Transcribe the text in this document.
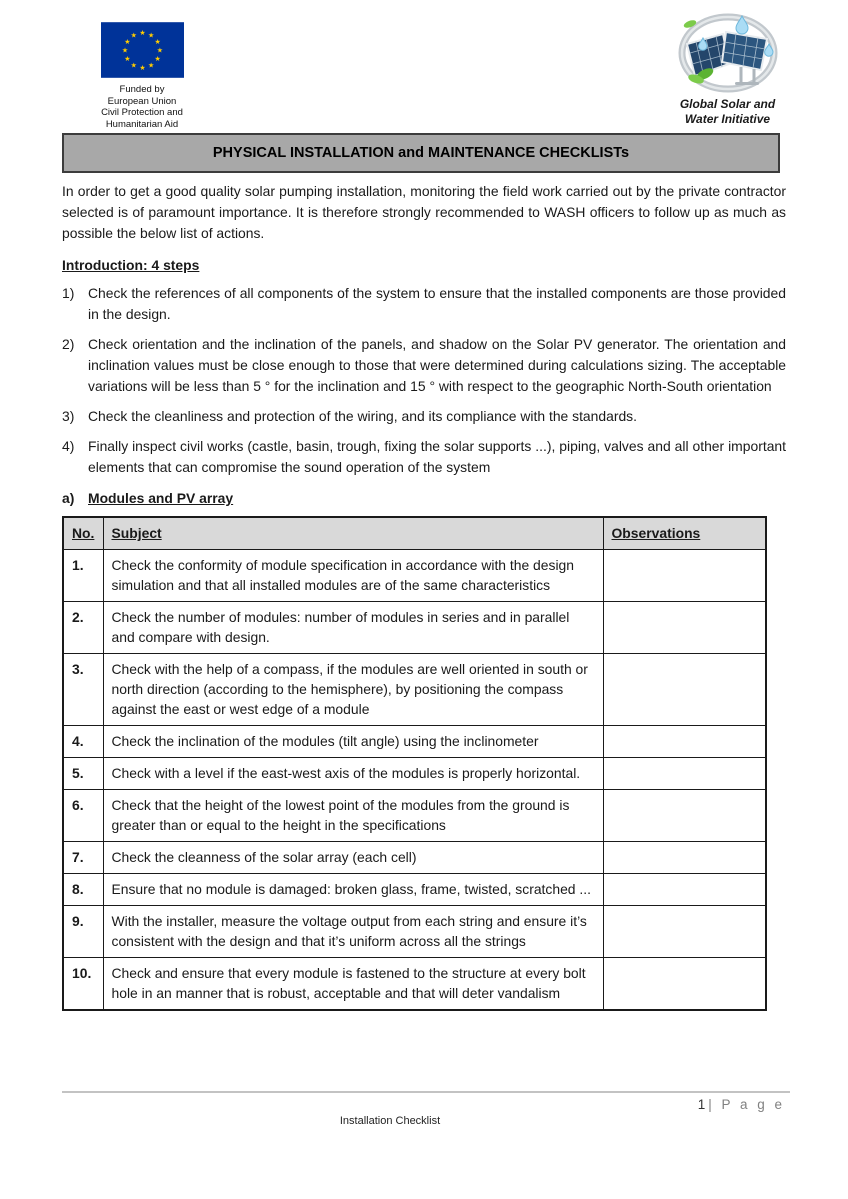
★ ★
★
★
★
★
★
★
★
★
★
★
Funded by
European Union
Civil Protection and
Humanitarian Aid
Global Solar and
Water Initiative
PHYSICAL INSTALLATION and MAINTENANCE CHECKLISTs

In order to get a good quality solar pumping installation, monitoring the field work carried out by the private contractor selected is of paramount importance. It is therefore strongly recommended to WASH officers to follow up as much as possible the below list of actions.

Introduction: 4 steps
1) Check the references of all components of the system to ensure that the installed components are those provided in the design.
2) Check orientation and the inclination of the panels, and shadow on the Solar PV generator. The orientation and inclination values must be close enough to those that were determined during calculations sizing. The acceptable variations will be less than 5 ° for the inclination and 15 ° with respect to the geographic North-South orientation
3) Check the cleanliness and protection of the wiring, and its compliance with the standards.
4) Finally inspect civil works (castle, basin, trough, fixing the solar supports ...), piping, valves and all other important elements that can compromise the sound operation of the system
a) Modules and PV array
No.	Subject	Observations
1.	Check the conformity of module specification in accordance with the design simulation and that all installed modules are of the same characteristics	
2.	Check the number of modules: number of modules in series and in parallel and compare with design.	
3.	Check with the help of a compass, if the modules are well oriented in south or north direction (according to the hemisphere), by positioning the compass against the east or west edge of a module	
4.	Check the inclination of the modules (tilt angle) using the inclinometer	
5.	Check with a level if the east-west axis of the modules is properly horizontal.	
6.	Check that the height of the lowest point of the modules from the ground is greater than or equal to the height in the specifications	
7.	Check the cleanness of the solar array (each cell)	
8.	Ensure that no module is damaged: broken glass, frame, twisted, scratched ...	
9.	With the installer, measure the voltage output from each string and ensure it’s consistent with the design and that it’s uniform across all the strings	
10.	Check and ensure that every module is fastened to the structure at every bolt hole in an manner that is robust, acceptable and that will deter vandalism	
1 | P a g e
Installation Checklist
